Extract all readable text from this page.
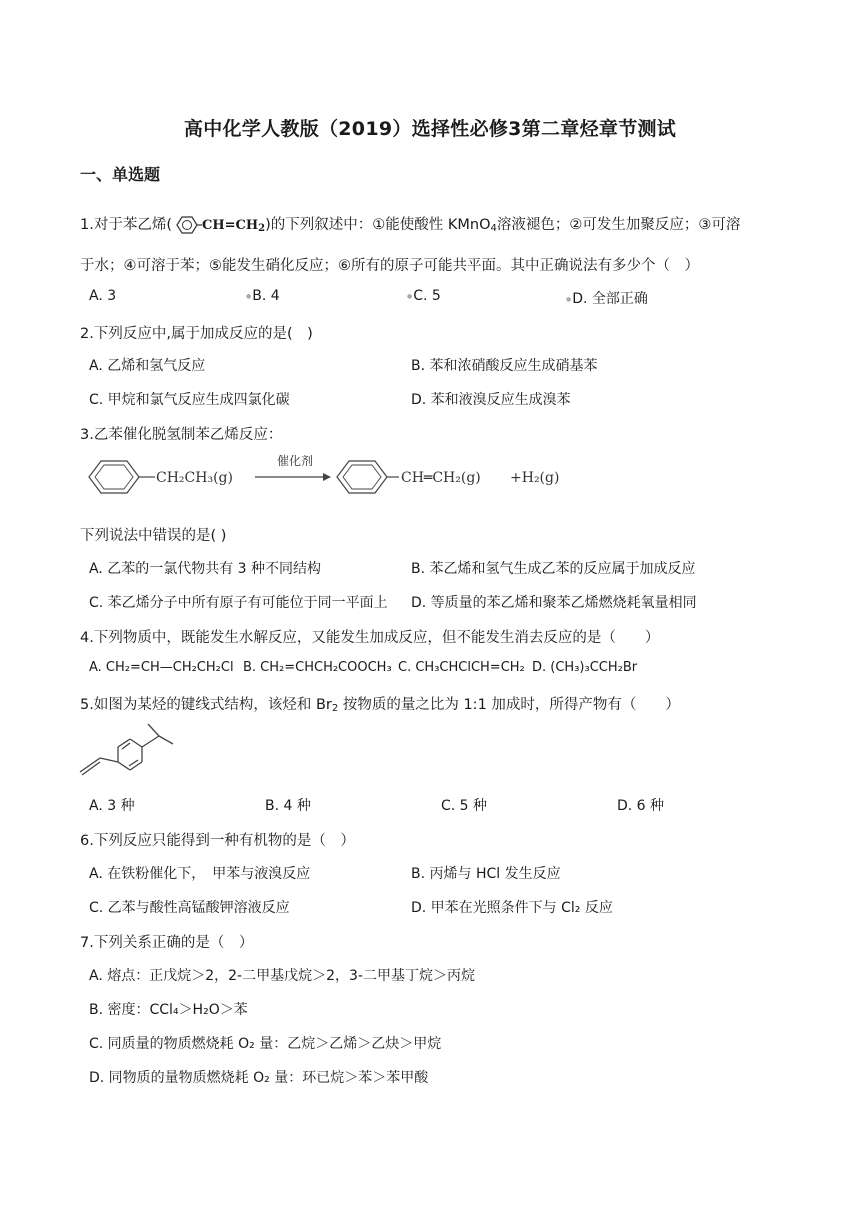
高中化学人教版（2019）选择性必修3第二章烃章节测试
一、单选题
1.对于苯乙烯( $CH=CH_2$)的下列叙述中：①能使酸性 KMnO$_4$溶液褪色；②可发生加聚反应；③可溶
于水；④可溶于苯；⑤能发生硝化反应；⑥所有的原子可能共平面。其中正确说法有多少个（　）
A. 3	●B. 4	●C. 5	●D. 全部正确
2.下列反应中,属于加成反应的是(　)
A. 乙烯和氢气反应	B. 苯和浓硝酸反应生成硝基苯
C. 甲烷和氯气反应生成四氯化碳	D. 苯和液溴反应生成溴苯
3.乙苯催化脱氢制苯乙烯反应：
CH₂CH₃(g)
催化剂
CH═CH₂(g) +H₂(g)
下列说法中错误的是( )
A. 乙苯的一氯代物共有 3 种不同结构	B. 苯乙烯和氢气生成乙苯的反应属于加成反应
C. 苯乙烯分子中所有原子有可能位于同一平面上 D. 等质量的苯乙烯和聚苯乙烯燃烧耗氧量相同
4.下列物质中，既能发生水解反应，又能发生加成反应，但不能发生消去反应的是（　　）
A. CH₂=CH—CH₂CH₂Cl B. CH₂=CHCH₂COOCH₃ C. CH₃CHClCH=CH₂ D. (CH₃)₃CCH₂Br
5.如图为某烃的键线式结构，该烃和 $Br_2$ 按物质的量之比为 1:1 加成时，所得产物有（　　）
A. 3 种	B. 4 种	C. 5 种	D. 6 种
6.下列反应只能得到一种有机物的是（　）
A. 在铁粉催化下，　甲苯与液溴反应	B. 丙烯与 HCl 发生反应
C. 乙苯与酸性高锰酸钾溶液反应	D. 甲苯在光照条件下与 Cl₂ 反应
7.下列关系正确的是（　）
A. 熔点：正戊烷＞2，2-二甲基戊烷＞2，3-二甲基丁烷＞丙烷
B. 密度：CCl₄＞H₂O＞苯
C. 同质量的物质燃烧耗 O₂ 量：乙烷＞乙烯＞乙炔＞甲烷
D. 同物质的量物质燃烧耗 O₂ 量：环已烷＞苯＞苯甲酸
